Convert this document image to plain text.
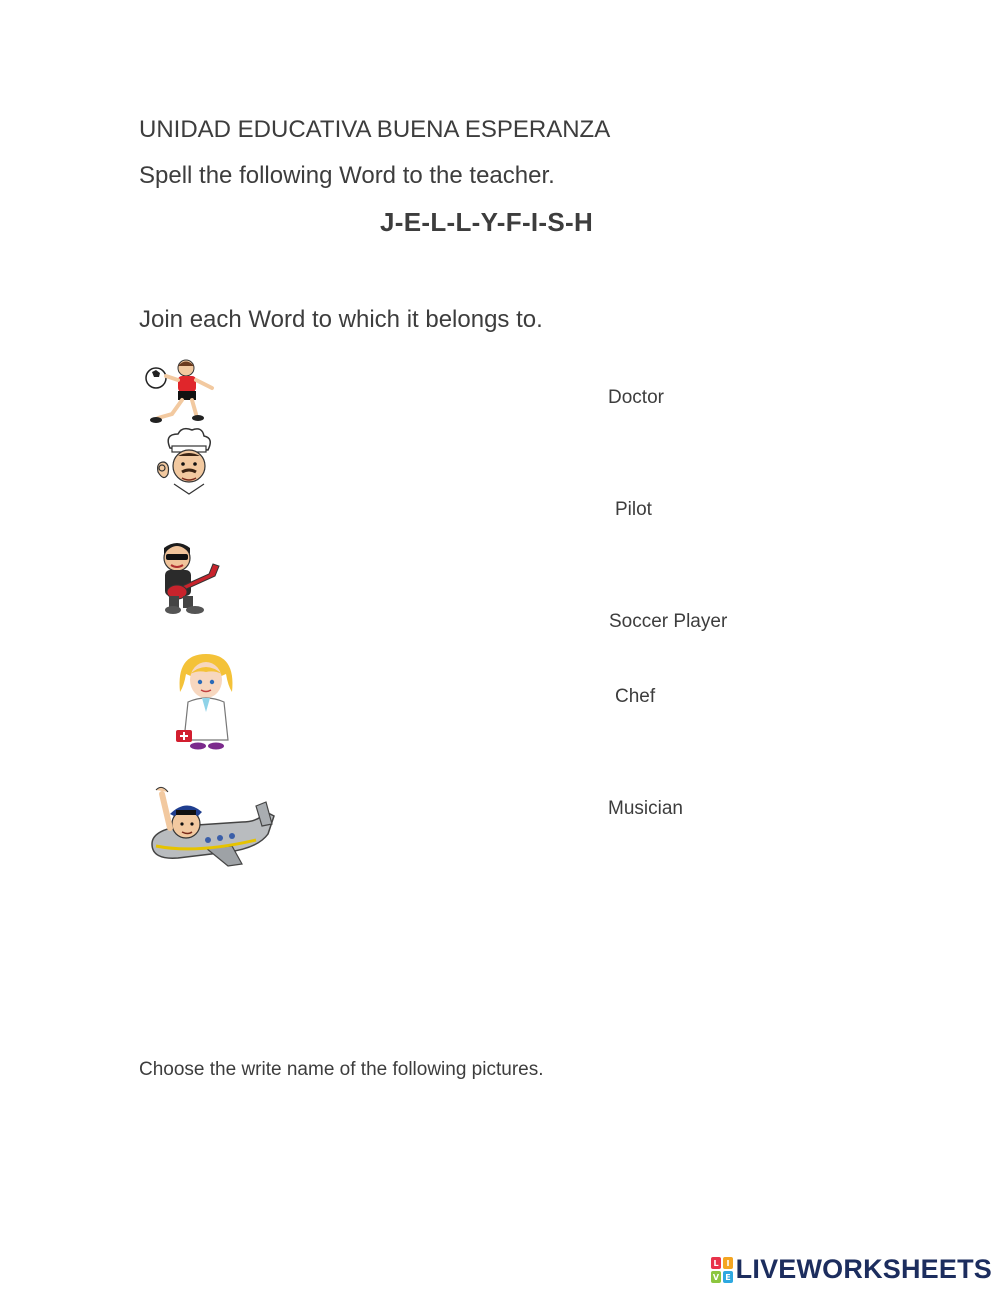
UNIDAD EDUCATIVA BUENA ESPERANZA
Spell the following Word to the teacher.
J-E-L-L-Y-F-I-S-H
Join each Word to which it belongs to.
Doctor
Pilot
Soccer Player
Chef
Musician
Choose the write name of the following pictures.
L I
V E LIVEWORKSHEETS
